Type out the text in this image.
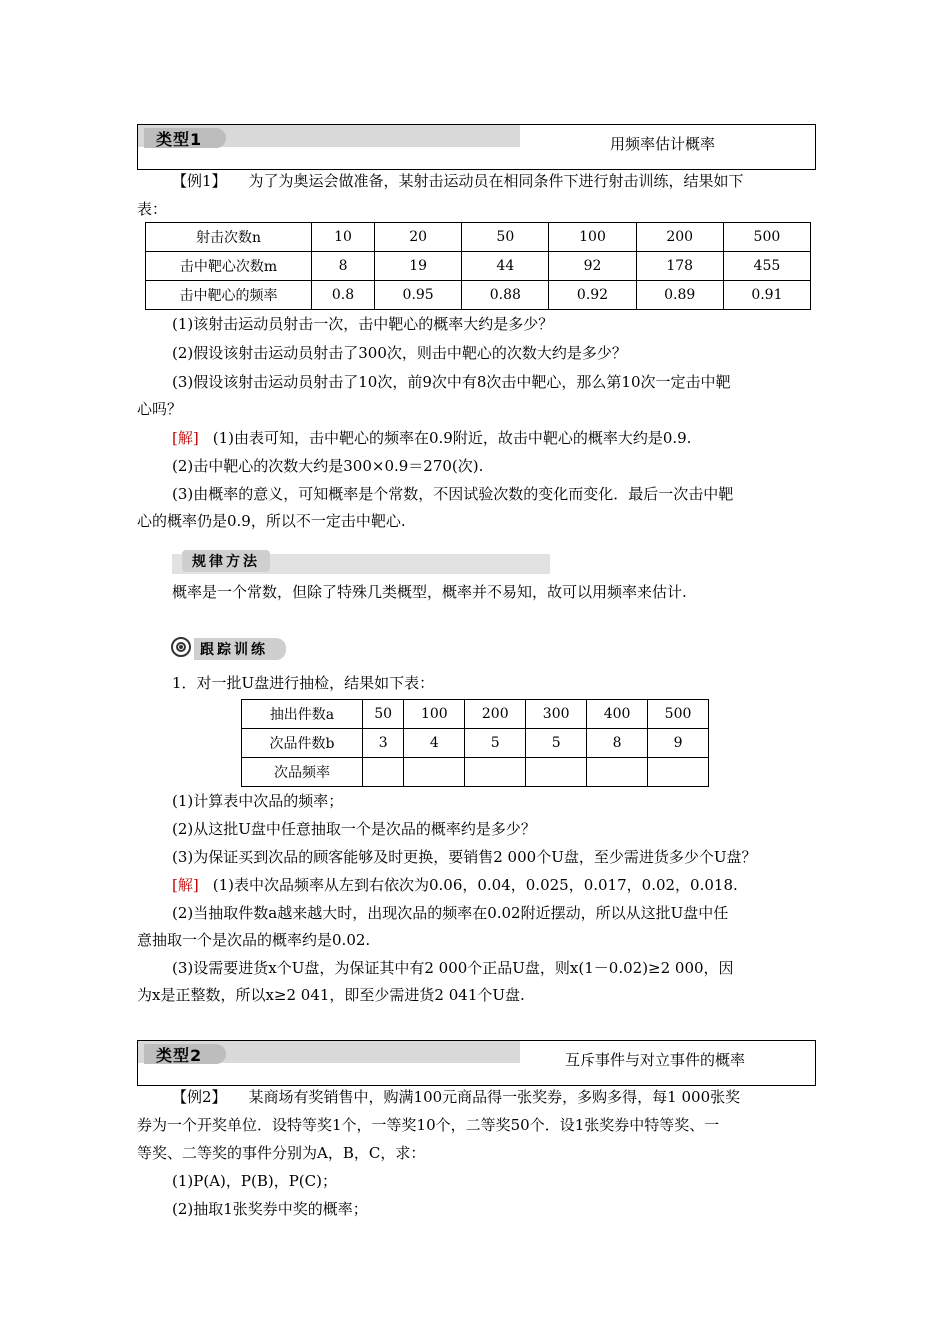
类型1	用频率估计概率
【例1】 为了为奥运会做准备，某射击运动员在相同条件下进行射击训练，结果如下
表：
射击次数n	10	20	50	100	200	500
击中靶心次数m	8	19	44	92	178	455
击中靶心的频率	0.8	0.95	0.88	0.92	0.89	0.91
(1)该射击运动员射击一次，击中靶心的概率大约是多少？
(2)假设该射击运动员射击了300次，则击中靶心的次数大约是多少？
(3)假设该射击运动员射击了10次，前9次中有8次击中靶心，那么第10次一定击中靶
心吗？
[解] (1)由表可知，击中靶心的频率在0.9附近，故击中靶心的概率大约是0.9.
(2)击中靶心的次数大约是300×0.9＝270(次).
(3)由概率的意义，可知概率是个常数，不因试验次数的变化而变化．最后一次击中靶
心的概率仍是0.9，所以不一定击中靶心.
规律方法
概率是一个常数，但除了特殊几类概型，概率并不易知，故可以用频率来估计.
跟踪训练
1．对一批U盘进行抽检，结果如下表：
抽出件数a	50	100	200	300	400	500
次品件数b	3	4	5	5	8	9
次品频率						
(1)计算表中次品的频率；
(2)从这批U盘中任意抽取一个是次品的概率约是多少？
(3)为保证买到次品的顾客能够及时更换，要销售2 000个U盘，至少需进货多少个U盘？
[解] (1)表中次品频率从左到右依次为0.06，0.04，0.025，0.017，0.02，0.018.
(2)当抽取件数a越来越大时，出现次品的频率在0.02附近摆动，所以从这批U盘中任
意抽取一个是次品的概率约是0.02.
(3)设需要进货x个U盘，为保证其中有2 000个正品U盘，则x(1－0.02)≥2 000，因
为x是正整数，所以x≥2 041，即至少需进货2 041个U盘.
类型2	互斥事件与对立事件的概率
【例2】 某商场有奖销售中，购满100元商品得一张奖券，多购多得，每1 000张奖
券为一个开奖单位．设特等奖1个，一等奖10个，二等奖50个．设1张奖券中特等奖、一
等奖、二等奖的事件分别为A，B，C，求：
(1)P(A)，P(B)，P(C)；
(2)抽取1张奖券中奖的概率；
